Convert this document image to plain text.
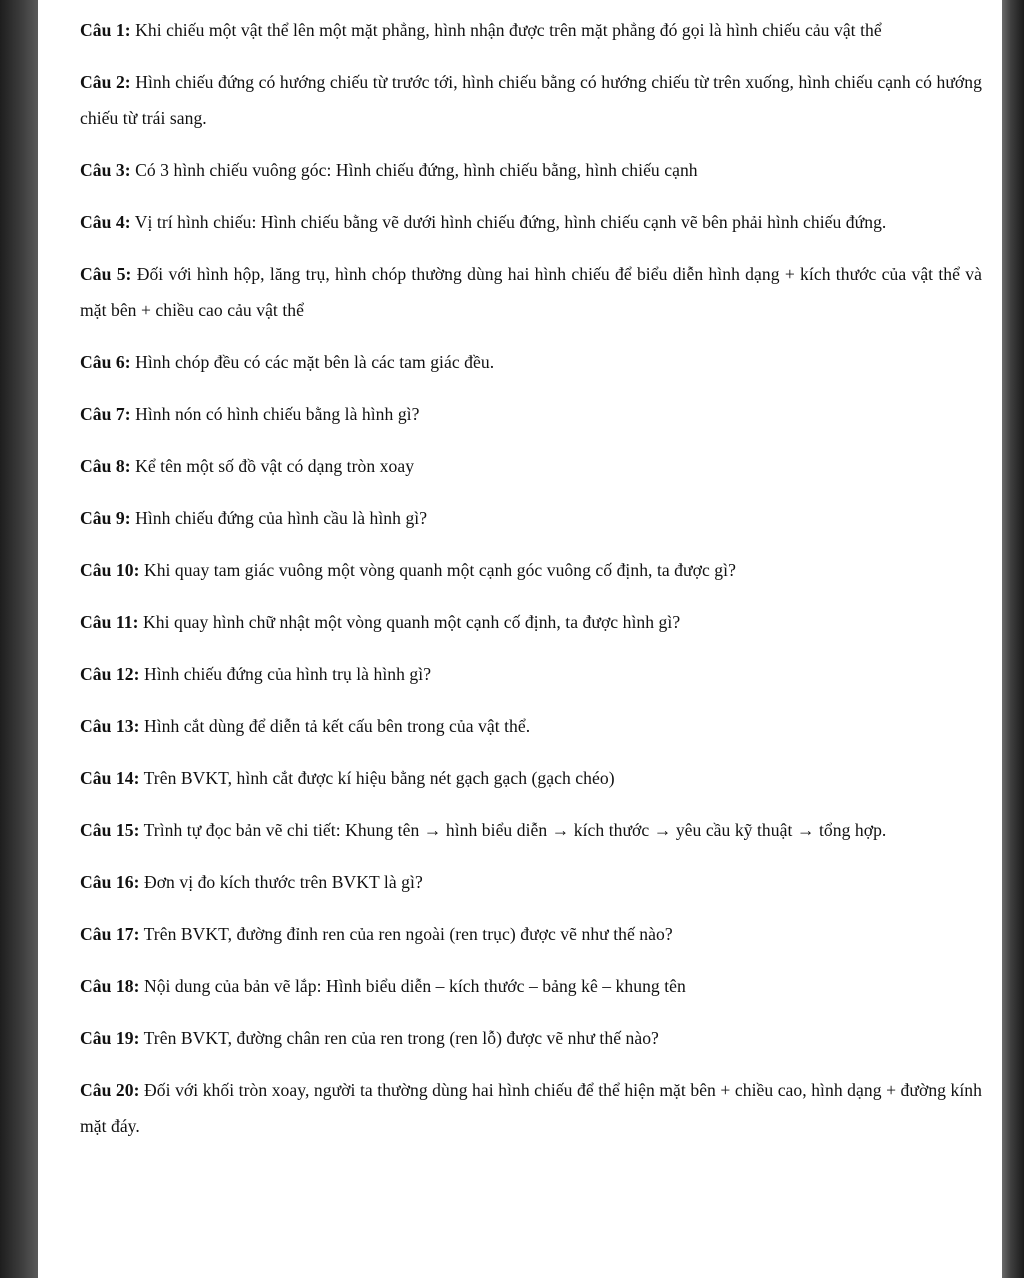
Câu 1: Khi chiếu một vật thể lên một mặt phẳng, hình nhận được trên mặt phẳng đó gọi là hình chiếu cảu vật thể

Câu 2: Hình chiếu đứng có hướng chiếu từ trước tới, hình chiếu bằng có hướng chiếu từ trên xuống, hình chiếu cạnh có hướng chiếu từ trái sang.

Câu 3: Có 3 hình chiếu vuông góc: Hình chiếu đứng, hình chiếu bằng, hình chiếu cạnh

Câu 4: Vị trí hình chiếu: Hình chiếu bằng vẽ dưới hình chiếu đứng, hình chiếu cạnh vẽ bên phải hình chiếu đứng.

Câu 5: Đối với hình hộp, lăng trụ, hình chóp thường dùng hai hình chiếu để biểu diễn hình dạng + kích thước của vật thể và mặt bên + chiều cao cảu vật thể

Câu 6: Hình chóp đều có các mặt bên là các tam giác đều.

Câu 7: Hình nón có hình chiếu bằng là hình gì?

Câu 8: Kể tên một số đồ vật có dạng tròn xoay

Câu 9: Hình chiếu đứng của hình cầu là hình gì?

Câu 10: Khi quay tam giác vuông một vòng quanh một cạnh góc vuông cố định, ta được gì?

Câu 11: Khi quay hình chữ nhật một vòng quanh một cạnh cố định, ta được hình gì?

Câu 12: Hình chiếu đứng của hình trụ là hình gì?

Câu 13: Hình cắt dùng để diễn tả kết cấu bên trong của vật thể.

Câu 14: Trên BVKT, hình cắt được kí hiệu bằng nét gạch gạch (gạch chéo)

Câu 15: Trình tự đọc bản vẽ chi tiết: Khung tên → hình biểu diễn → kích thước → yêu cầu kỹ thuật → tổng hợp.

Câu 16: Đơn vị đo kích thước trên BVKT là gì?

Câu 17: Trên BVKT, đường đỉnh ren của ren ngoài (ren trục) được vẽ như thế nào?

Câu 18: Nội dung của bản vẽ lắp: Hình biểu diễn – kích thước – bảng kê – khung tên

Câu 19: Trên BVKT, đường chân ren của ren trong (ren lỗ) được vẽ như thế nào?

Câu 20: Đối với khối tròn xoay, người ta thường dùng hai hình chiếu để thể hiện mặt bên + chiều cao, hình dạng + đường kính mặt đáy.
